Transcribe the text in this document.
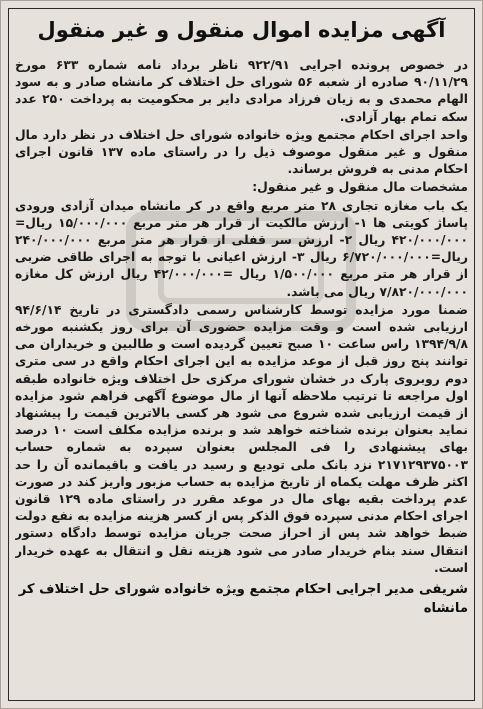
آگهی مزایده اموال منقول و غیر منقول

در خصوص پرونده اجرایی ۹۲۲/۹۱ ناظر برداد نامه شماره ۶۳۳ مورخ ۹۰/۱۱/۲۹ صادره از شعبه ۵۶ شورای حل اختلاف کر مانشاه صادر و به سود الهام محمدی و به زیان فرزاد مرادی دایر بر محکومیت به پرداخت ۲۵۰ عدد سکه تمام بهار آزادی.

واحد اجرای احکام مجتمع ویژه خانواده شورای حل اختلاف در نظر دارد مال منقول و غیر منقول موصوف ذیل را در راستای ماده ۱۳۷ قانون اجرای احکام مدنی به فروش برساند.

مشخصات مال منقول و غیر منقول:

یک باب مغازه تجاری ۲۸ متر مربع واقع در کر مانشاه میدان آزادی ورودی پاساژ کویتی ها ۱- ارزش مالکیت از قرار هر متر مربع ۱۵/۰۰۰/۰۰۰ ریال= ۴۲۰/۰۰۰/۰۰۰ ریال ۲- ارزش سر قفلی از قرار هر متر مربع ۲۴۰/۰۰۰/۰۰۰ ریال=۶/۷۲۰/۰۰۰/۰۰۰ ریال ۳- ارزش اعیانی با توجه به اجرای طاقی ضربی از قرار هر متر مربع ۱/۵۰۰/۰۰۰ ریال =۴۲/۰۰۰/۰۰۰ ریال ارزش کل مغازه ۷/۸۲۰/۰۰۰/۰۰۰ ریال می باشد.

ضمنا مورد مزایده توسط کارشناس رسمی دادگستری در تاریخ ۹۴/۶/۱۴ ارزیابی شده است و وقت مزایده حضوری آن برای روز یکشنبه مورخه ۱۳۹۴/۹/۸ راس ساعت ۱۰ صبح تعیین گردیده است و طالبین و خریداران می توانند پنج روز قبل از موعد مزایده به این اجرای احکام واقع در سی متری دوم روبروی پارک در خشان شورای مرکزی حل اختلاف ویژه خانواده طبقه اول مراجعه تا ترتیب ملاحظه آنها از مال موضوع آگهی فراهم شود مزایده از قیمت ارزیابی شده شروع می شود هر کسی بالاترین قیمت را پیشنهاد نماید بعنوان برنده شناخته خواهد شد و برنده مزایده مکلف است ۱۰ درصد بهای پیشنهادی را فی المجلس بعنوان سپرده به شماره حساب ۲۱۷۱۲۹۳۷۵۰۰۳ نزد بانک ملی تودیع و رسید در یافت و باقیمانده آن را حد اکثر ظرف مهلت یکماه از تاریخ مزایده به حساب مزبور واریز کند در صورت عدم پرداخت بقیه بهای مال در موعد مقرر در راستای ماده ۱۲۹ قانون اجرای احکام مدنی سپرده فوق الذکر پس از کسر هزینه مزایده به نفع دولت ضبط خواهد شد پس از احراز صحت جریان مزایده توسط دادگاه دستور انتقال سند بنام خریدار صادر می شود هزینه نقل و انتقال به عهده خریدار است.

شریفی مدیر اجرایی احکام مجتمع ویژه خانواده شورای حل اختلاف کر مانشاه
